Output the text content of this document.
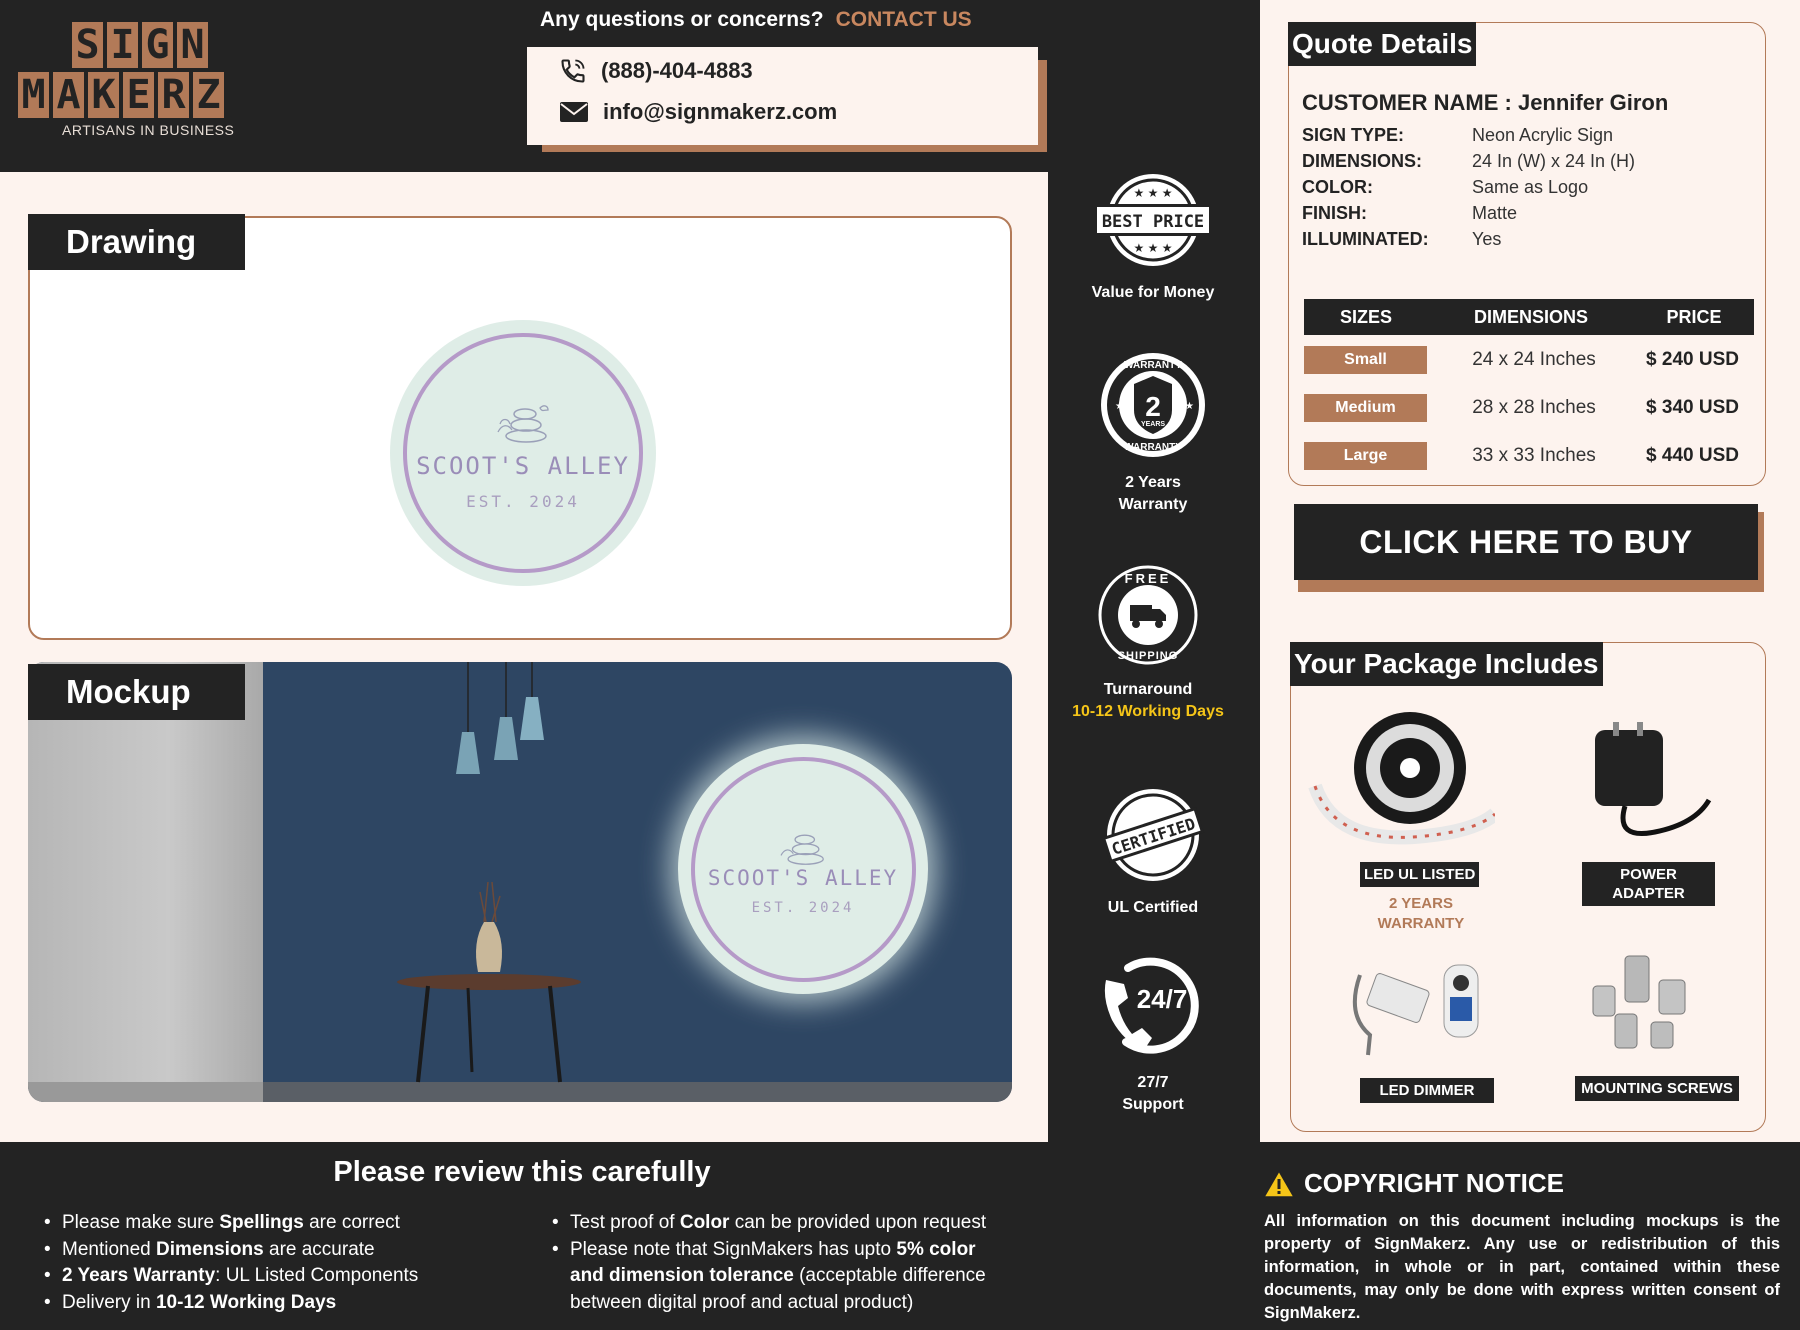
S I G N
M A K E R Z
ARTISANS IN BUSINESS
Any questions or concerns? CONTACT US
(888)-404-4883
info@signmakerz.com
Drawing
SCOOT'S ALLEY
EST. 2024
SCOOT'S ALLEY
EST. 2024
Mockup
BEST PRICE
★ ★ ★
★ ★ ★
Value for Money
2
YEARS
WARRANTY
WARRANTY
★★	★★
2 Years
Warranty
FREE
SHIPPING
Turnaround
10-12 Working Days
CERTIFIED
UL Certified
24/7
27/7
Support
Quote Details
CUSTOMER NAME : Jennifer Giron
SIGN TYPE:	Neon Acrylic Sign
DIMENSIONS:	24 In (W) x 24 In (H)
COLOR:	Same as Logo
FINISH:	Matte
ILLUMINATED:	Yes
SIZES	DIMENSIONS	PRICE
Small	24 x 24 Inches	$ 240 USD
Medium	28 x 28 Inches	$ 340 USD
Large	33 x 33 Inches	$ 440 USD
CLICK HERE TO BUY
Your Package Includes
LED UL LISTED
2 YEARS
WARRANTY
POWER
ADAPTER
LED DIMMER	MOUNTING SCREWS
Please review this carefully
• Please make sure Spellings are correct
• Mentioned Dimensions are accurate
• 2 Years Warranty: UL Listed Components
• Delivery in 10-12 Working Days
• Test proof of Color can be provided upon request
• Please note that SignMakers has upto 5% color
and dimension tolerance (acceptable difference
between digital proof and actual product)
COPYRIGHT NOTICE
All information on this document including mockups is the property of SignMakerz. Any use or redistribution of this information, in whole or in part, contained within these documents, may only be done with express written consent of SignMakerz.
